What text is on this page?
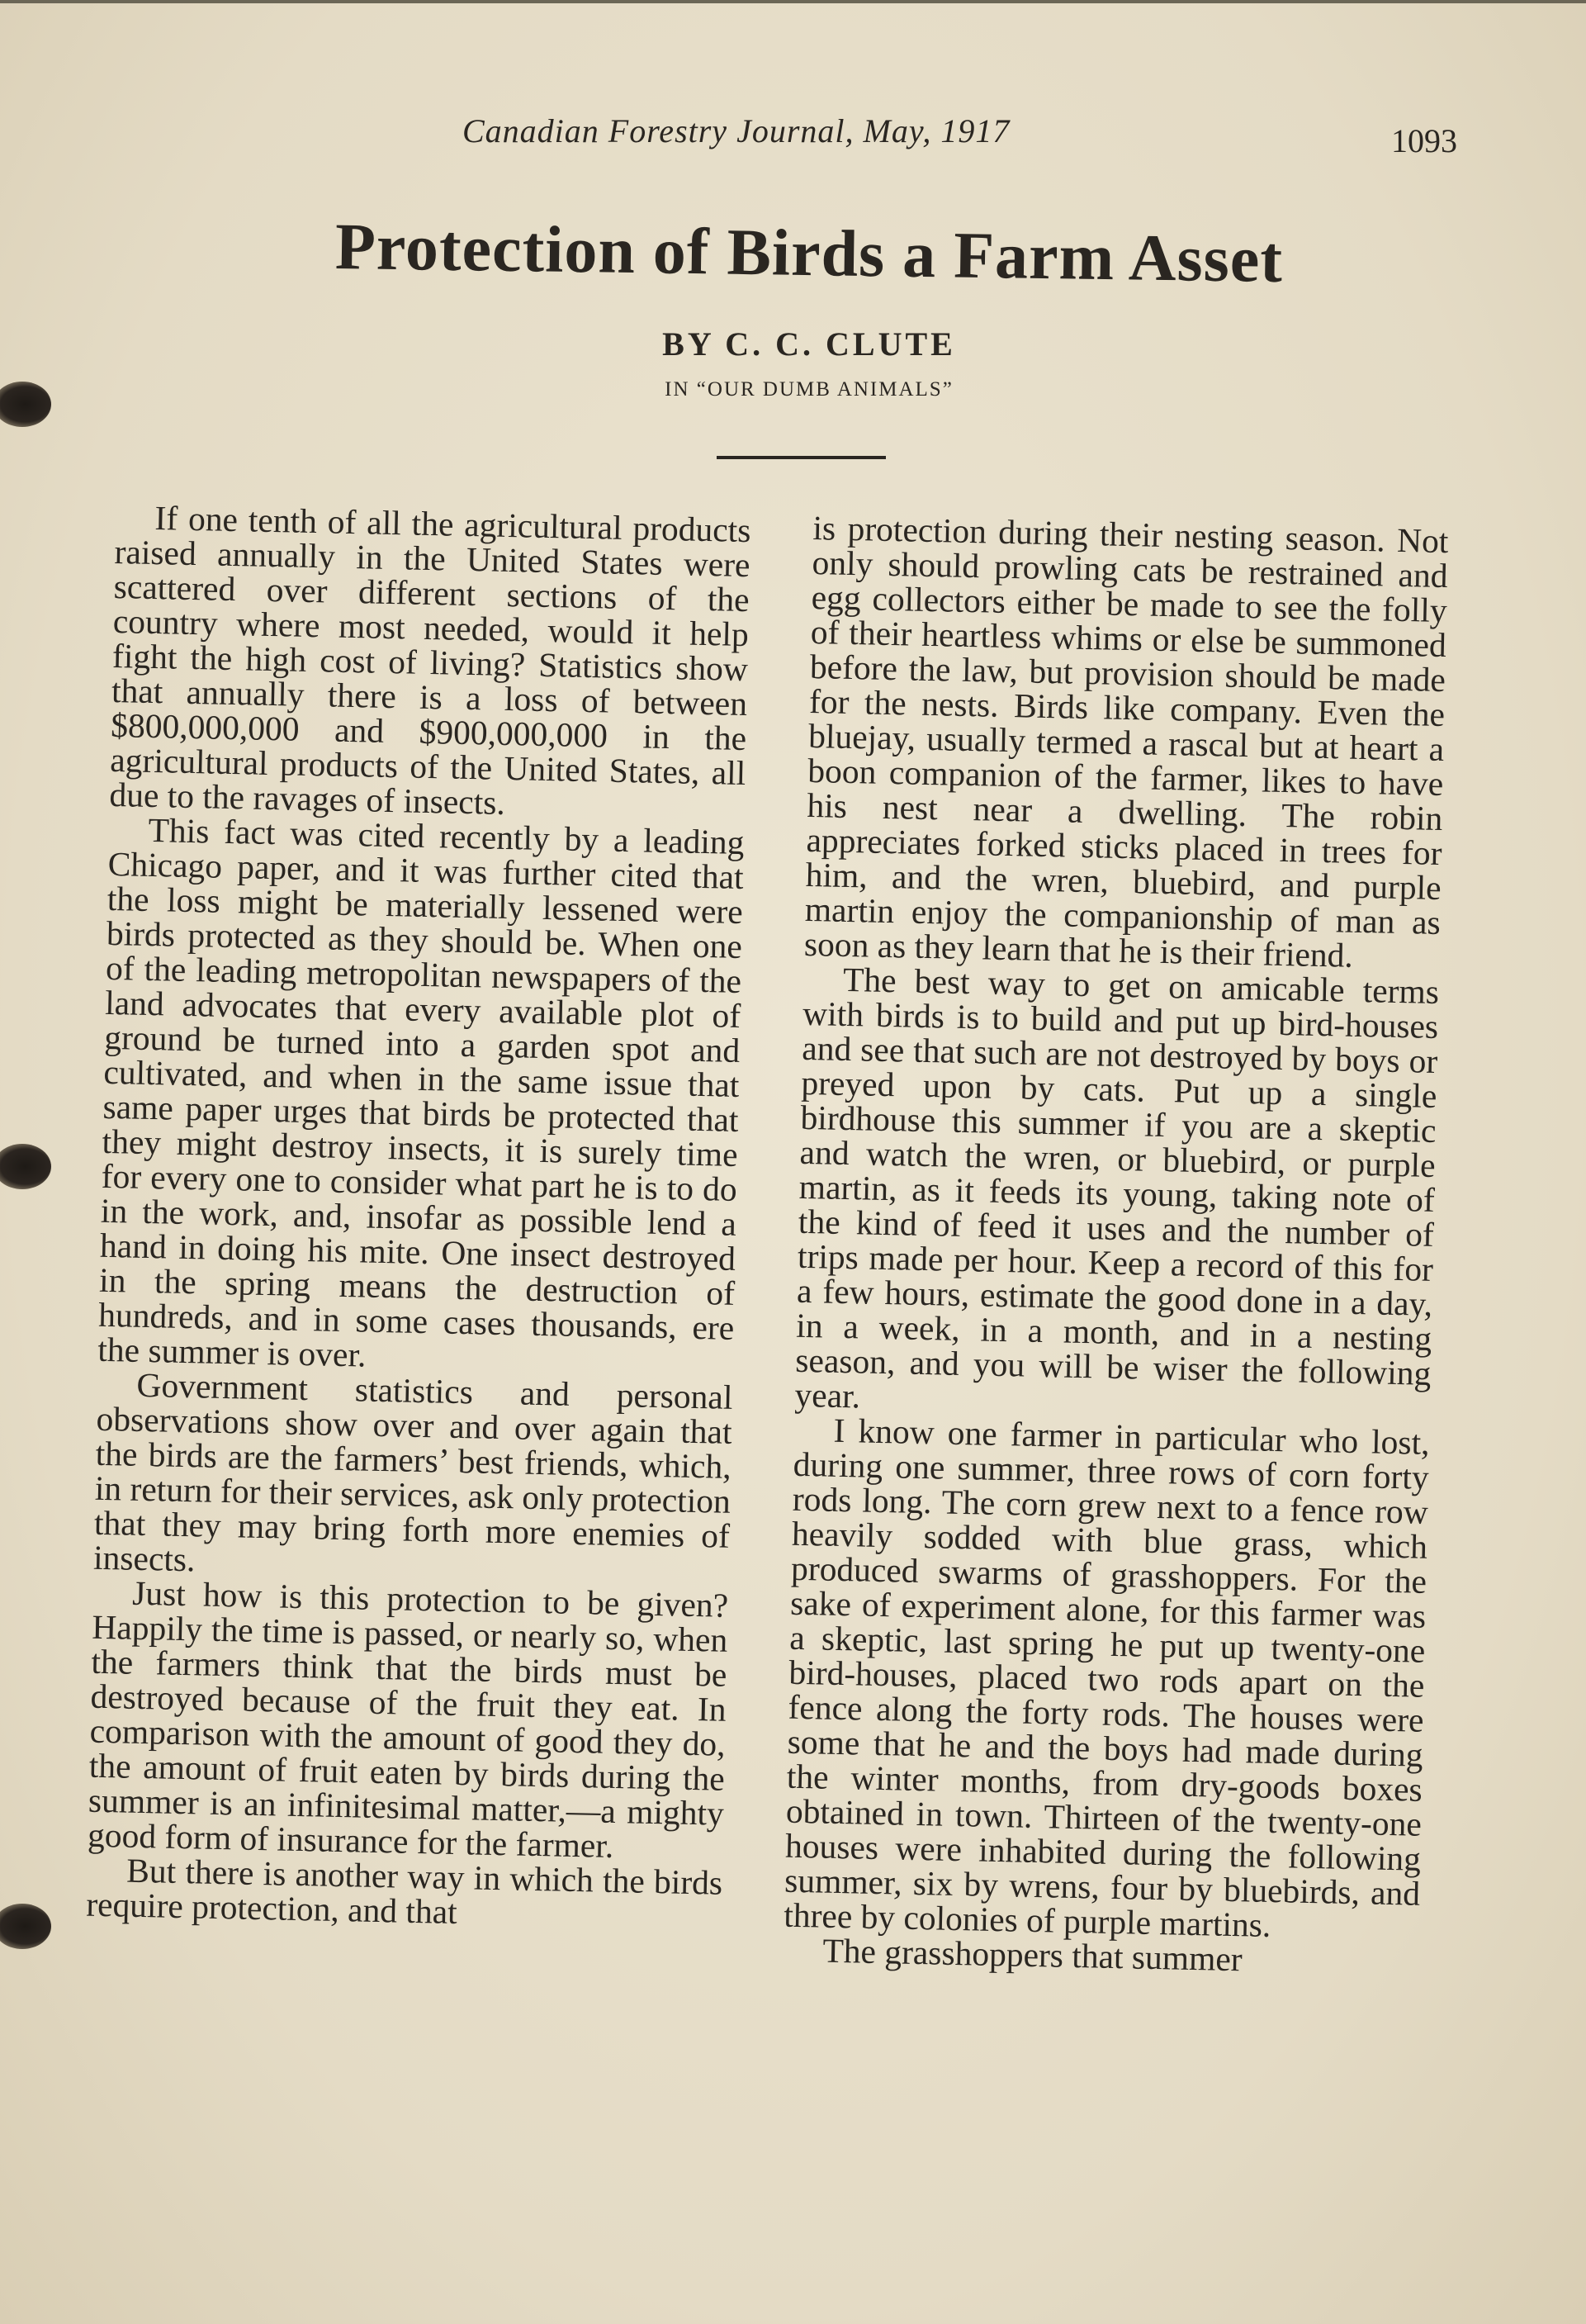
Canadian Forestry Journal, May, 1917	1093
Protection of Birds a Farm Asset
BY C. C. CLUTE
IN “OUR DUMB ANIMALS”

If one tenth of all the agricultural products raised annually in the United States were scattered over different sections of the country where most needed, would it help fight the high cost of living? Statistics show that annually there is a loss of between $800,000,000 and $900,000,000 in the agricultural products of the United States, all due to the ravages of insects.

This fact was cited recently by a leading Chicago paper, and it was further cited that the loss might be materially lessened were birds protected as they should be. When one of the leading metropolitan newspapers of the land advocates that every available plot of ground be turned into a garden spot and cultivated, and when in the same issue that same paper urges that birds be protected that they might destroy insects, it is surely time for every one to consider what part he is to do in the work, and, insofar as possible lend a hand in doing his mite. One insect destroyed in the spring means the destruction of hundreds, and in some cases thousands, ere the summer is over.

Government statistics and personal observations show over and over again that the birds are the farmers’ best friends, which, in return for their services, ask only protection that they may bring forth more enemies of insects.

Just how is this protection to be given? Happily the time is passed, or nearly so, when the farmers think that the birds must be destroyed because of the fruit they eat. In comparison with the amount of good they do, the amount of fruit eaten by birds during the summer is an infinitesimal matter,—a mighty good form of insurance for the farmer.

But there is another way in which the birds require protection, and that

is protection during their nesting season. Not only should prowling cats be restrained and egg collectors either be made to see the folly of their heartless whims or else be summoned before the law, but provision should be made for the nests. Birds like company. Even the bluejay, usually termed a rascal but at heart a boon companion of the farmer, likes to have his nest near a dwelling. The robin appreciates forked sticks placed in trees for him, and the wren, bluebird, and purple martin enjoy the companionship of man as soon as they learn that he is their friend.

The best way to get on amicable terms with birds is to build and put up bird-houses and see that such are not destroyed by boys or preyed upon by cats. Put up a single birdhouse this summer if you are a skeptic and watch the wren, or bluebird, or purple martin, as it feeds its young, taking note of the kind of feed it uses and the number of trips made per hour. Keep a record of this for a few hours, estimate the good done in a day, in a week, in a month, and in a nesting season, and you will be wiser the following year.

I know one farmer in particular who lost, during one summer, three rows of corn forty rods long. The corn grew next to a fence row heavily sodded with blue grass, which produced swarms of grasshoppers. For the sake of experiment alone, for this farmer was a skeptic, last spring he put up twenty-one bird-houses, placed two rods apart on the fence along the forty rods. The houses were some that he and the boys had made during the winter months, from dry-goods boxes obtained in town. Thirteen of the twenty-one houses were inhabited during the following summer, six by wrens, four by bluebirds, and three by colonies of purple martins.

The grasshoppers that summer
